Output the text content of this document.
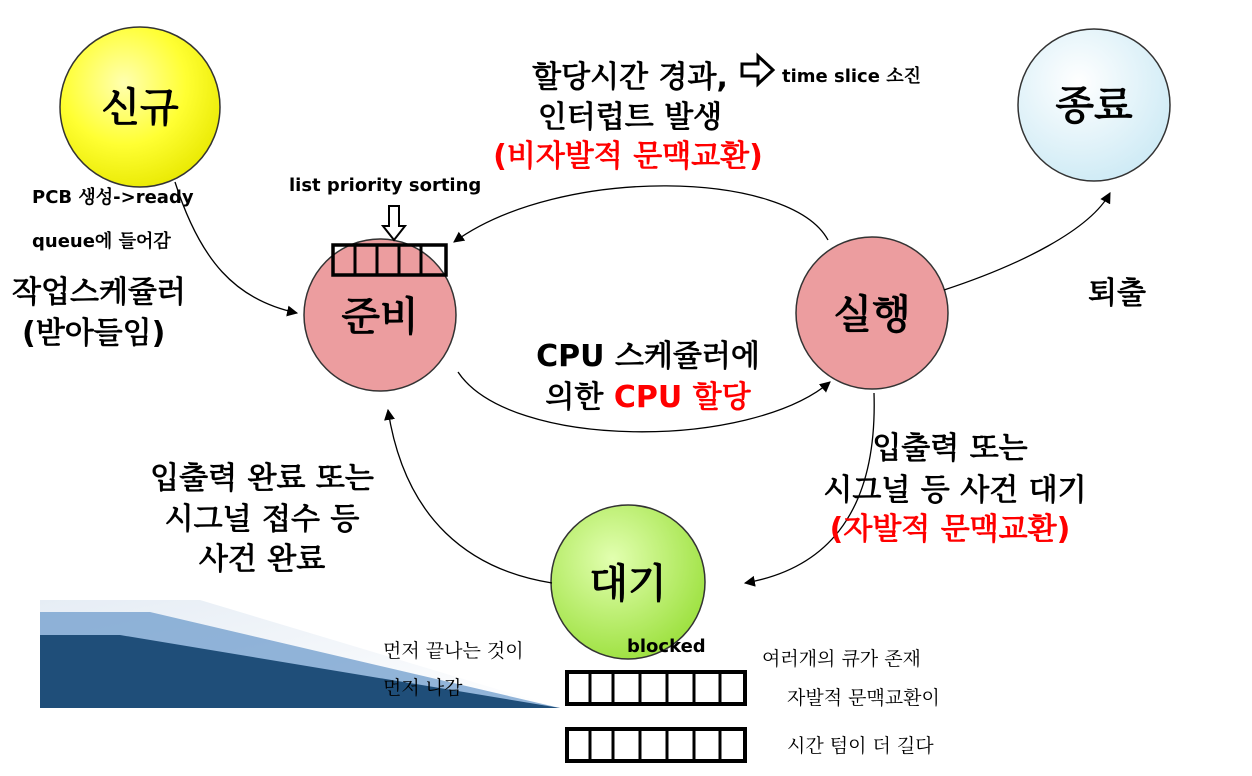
신규
준비	실행
종료
대기
할당시간 경과,
인터럽트 발생
(비자발적 문맥교환)
time slice 소진
PCB 생성->ready
queue에 들어감
list priority sorting
작업스케쥴러
(받아들임)
CPU 스케쥴러에
의한 CPU 할당
퇴출
입출력 또는
시그널 등 사건 대기
(자발적 문맥교환)
입출력 완료 또는
시그널 접수 등
사건 완료
먼저 끝나는 것이
먼저 나감
blocked
여러개의 큐가 존재
자발적 문맥교환이
시간 텀이 더 길다
